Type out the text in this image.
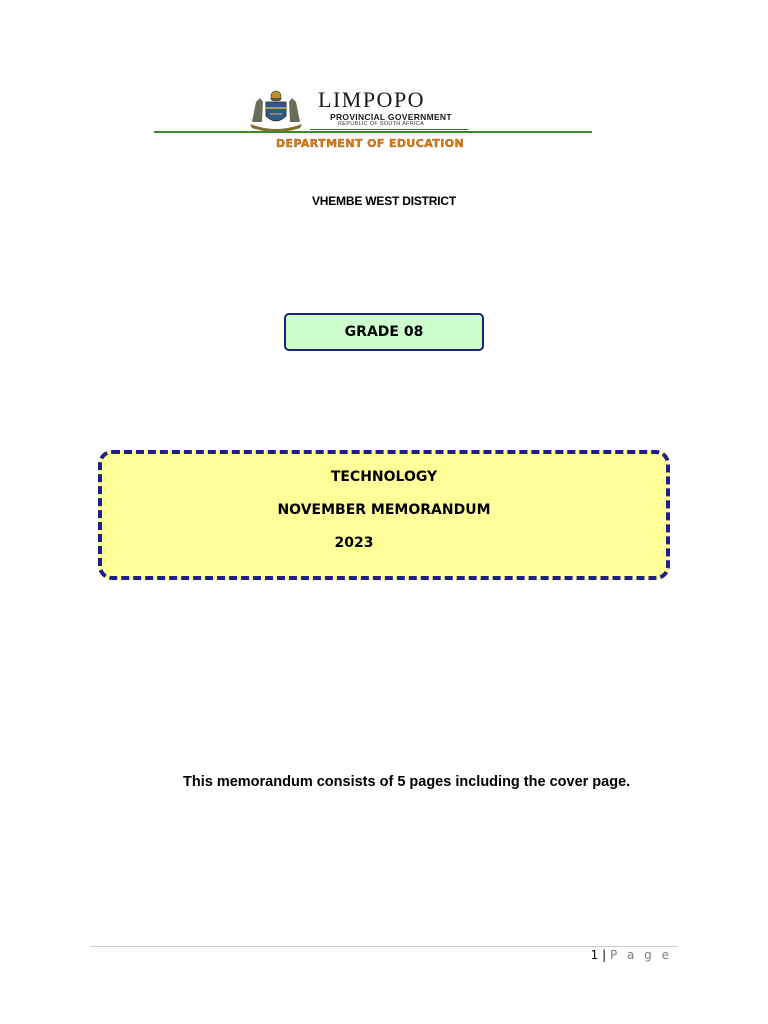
LIMPOPO
PROVINCIAL GOVERNMENT
REPUBLIC OF SOUTH AFRICA
DEPARTMENT OF EDUCATION
VHEMBE WEST DISTRICT
GRADE 08
TECHNOLOGY
NOVEMBER MEMORANDUM
2023
This memorandum consists of 5 pages including the cover page.
1 | P a g e
